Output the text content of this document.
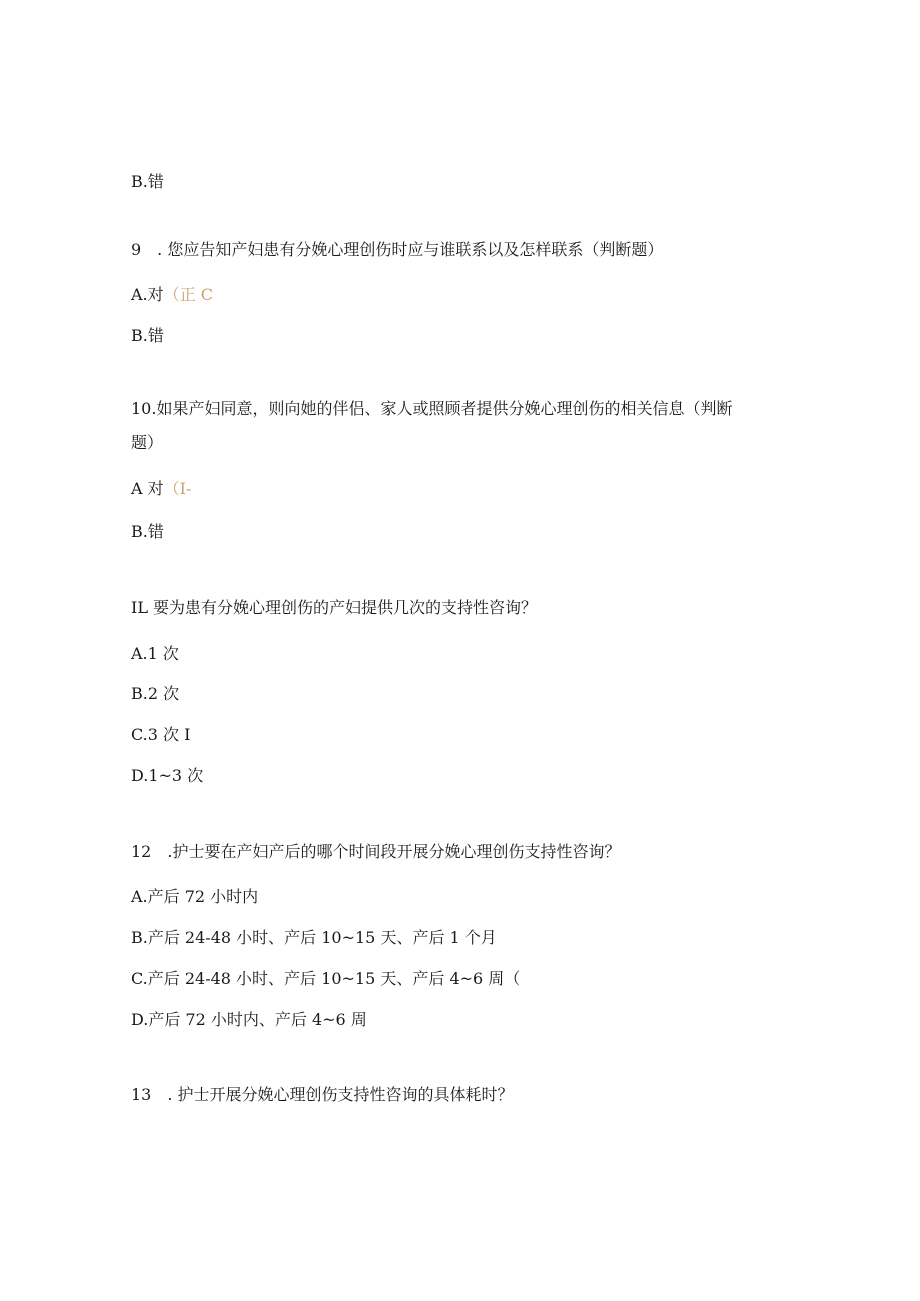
B.错
9　. 您应告知产妇患有分娩心理创伤时应与谁联系以及怎样联系（判断题）
A.对（正 C
B.错
10.如果产妇同意，则向她的伴侣、家人或照顾者提供分娩心理创伤的相关信息（判断
题）
A 对（I-
B.错
IL 要为患有分娩心理创伤的产妇提供几次的支持性咨询？
A.1 次
B.2 次
C.3 次 I
D.1~3 次
12　.护士要在产妇产后的哪个时间段开展分娩心理创伤支持性咨询？
A.产后 72 小时内
B.产后 24-48 小时、产后 10~15 天、产后 1 个月
C.产后 24-48 小时、产后 10~15 天、产后 4~6 周（
D.产后 72 小时内、产后 4~6 周
13　. 护士开展分娩心理创伤支持性咨询的具体耗时？
